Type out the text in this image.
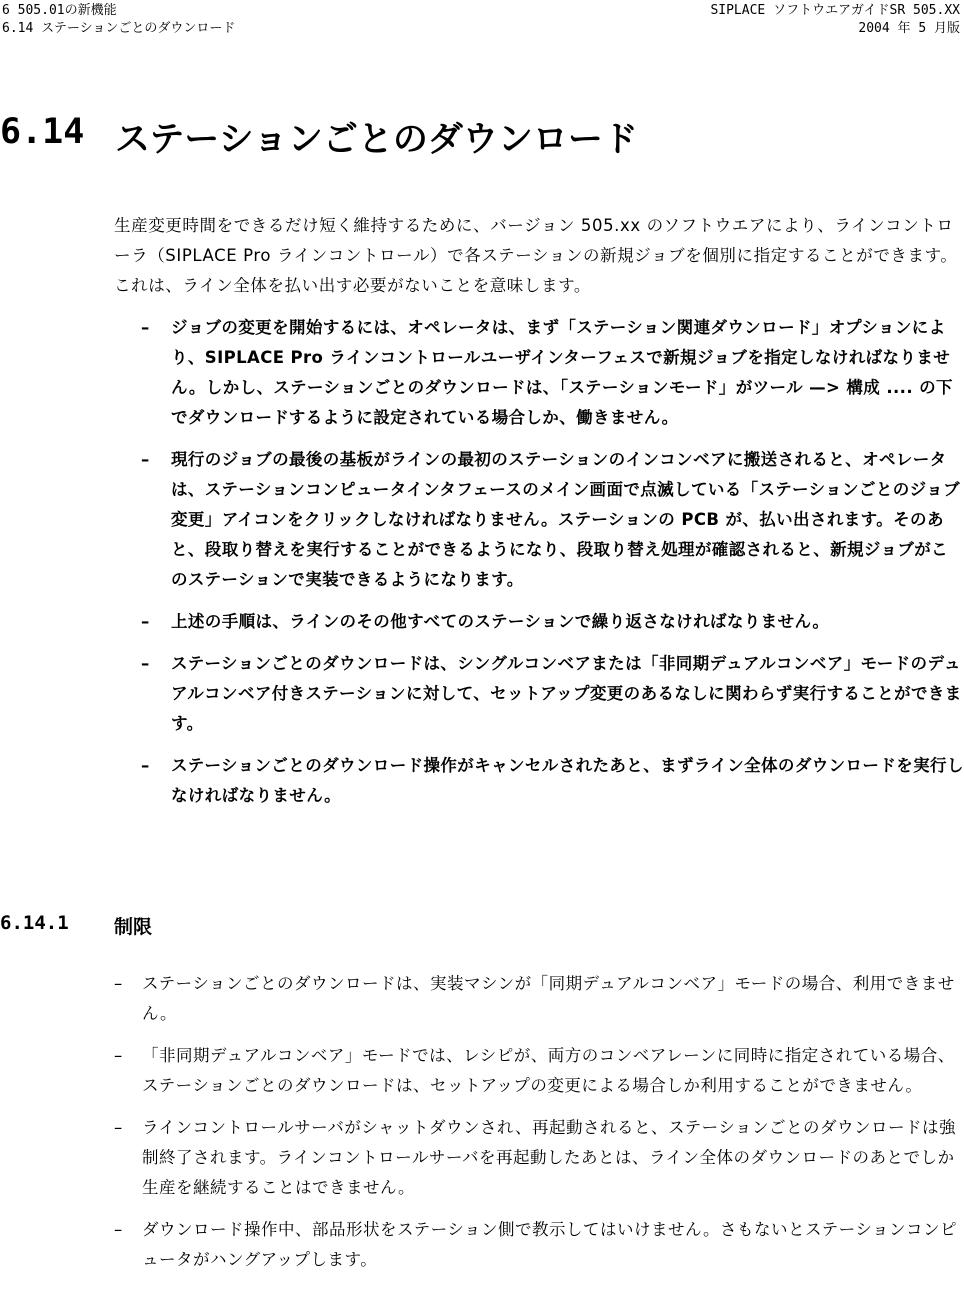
6 505.01の新機能
6.14 ステーションごとのダウンロード
SIPLACE ソフトウエアガイドSR 505.XX
2004 年 5 月版
6.14 ステーションごとのダウンロード

生産変更時間をできるだけ短く維持するために、バージョン 505.xx のソフトウエアにより、ラインコントローラ（SIPLACE Pro ラインコントロール）で各ステーションの新規ジョブを個別に指定することができます。これは、ライン全体を払い出す必要がないことを意味します。

– ジョブの変更を開始するには、オペレータは、まず「ステーション関連ダウンロード」オプションにより、SIPLACE Pro ラインコントロールユーザインターフェスで新規ジョブを指定しなければなりません。しかし、ステーションごとのダウンロードは、「ステーションモード」がツール —> 構成 .... の下でダウンロードするように設定されている場合しか、働きません。
– 現行のジョブの最後の基板がラインの最初のステーションのインコンベアに搬送されると、オペレータは、ステーションコンピュータインタフェースのメイン画面で点滅している「ステーションごとのジョブ変更」アイコンをクリックしなければなりません。ステーションの PCB が、払い出されます。そのあと、段取り替えを実行することができるようになり、段取り替え処理が確認されると、新規ジョブがこのステーションで実装できるようになります。
– 上述の手順は、ラインのその他すべてのステーションで繰り返さなければなりません。
– ステーションごとのダウンロードは、シングルコンベアまたは「非同期デュアルコンベア」モードのデュアルコンベア付きステーションに対して、セットアップ変更のあるなしに関わらず実行することができます。
– ステーションごとのダウンロード操作がキャンセルされたあと、まずライン全体のダウンロードを実行しなければなりません。
6.14.1 制限
– ステーションごとのダウンロードは、実装マシンが「同期デュアルコンベア」モードの場合、利用できません。
– 「非同期デュアルコンベア」モードでは、レシピが、両方のコンベアレーンに同時に指定されている場合、ステーションごとのダウンロードは、セットアップの変更による場合しか利用することができません。
– ラインコントロールサーバがシャットダウンされ、再起動されると、ステーションごとのダウンロードは強制終了されます。ラインコントロールサーバを再起動したあとは、ライン全体のダウンロードのあとでしか生産を継続することはできません。
– ダウンロード操作中、部品形状をステーション側で教示してはいけません。さもないとステーションコンピュータがハングアップします。
